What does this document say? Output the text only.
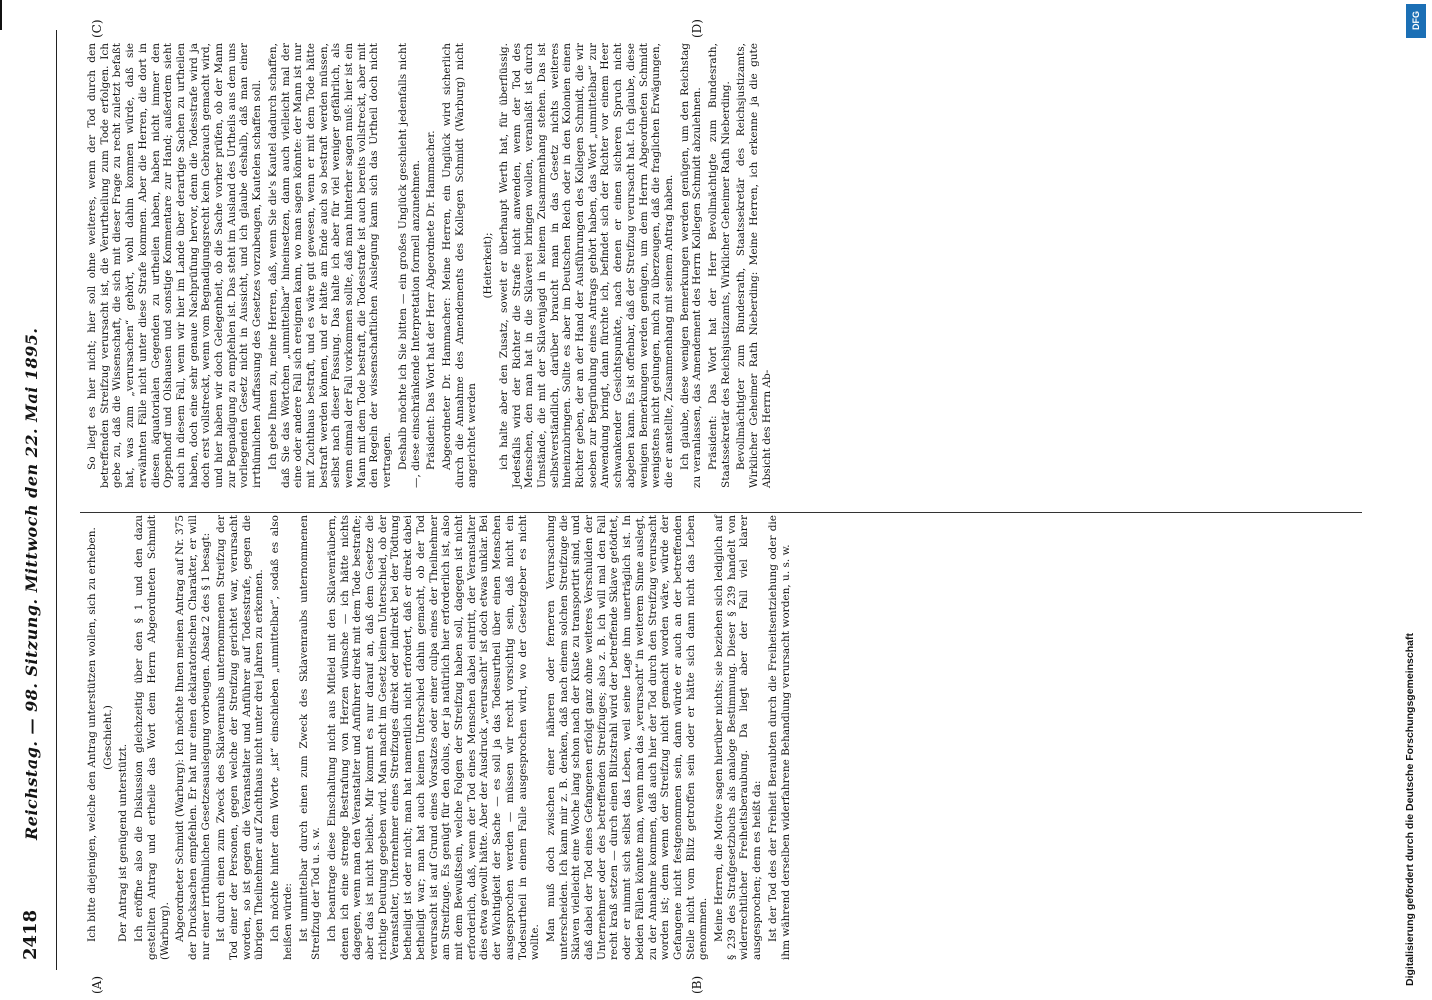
2418
Reichstag. — 98. Sitzung. Mittwoch den 22. Mai 1895.
(A)	(B)
(C)	(D)

Ich bitte diejenigen, welche den Antrag unterstützen wollen, sich zu erheben. (Geschieht.)

Der Antrag ist genügend unterstützt. Ich eröffne also die Diskussion gleichzeitig über den § 1 und den dazu gestellten Antrag und ertheile das Wort dem Herrn Abgeordneten Schmidt (Warburg). Abgeordneter Schmidt (Warburg): Ich möchte Ihnen meinen Antrag auf Nr. 375 der Drucksachen empfehlen. Er hat nur einen deklaratorischen Charakter, er will nur einer irrthümlichen Gesetzesauslegung vorbeugen. Absatz 2 des § 1 besagt: Ist durch einen zum Zweck des Sklavenraubs unternommenen Streifzug der Tod einer der Personen, gegen welche der Streifzug gerichtet war, verursacht worden, so ist gegen die Veranstalter und Anführer auf Todesstrafe, gegen die übrigen Theilnehmer auf Zuchthaus nicht unter drei Jahren zu erkennen. Ich möchte hinter dem Worte „ist“ einschieben „unmittelbar“, sodaß es also heißen würde: Ist unmittelbar durch einen zum Zweck des Sklavenraubs unternommenen Streifzug der Tod u. s. w. Ich beantrage diese Einschaltung nicht aus Mitleid mit den Sklavenräubern, denen ich eine strenge Bestrafung von Herzen wünsche — ich hätte nichts dagegen, wenn man den Veranstalter und Anführer direkt mit dem Tode bestrafte; aber das ist nicht beliebt. Mir kommt es nur darauf an, daß dem Gesetze die richtige Deutung gegeben wird. Man macht im Gesetz keinen Unterschied, ob der Veranstalter, Unternehmer eines Streifzuges direkt oder indirekt bei der Tödtung betheiligt ist oder nicht; man hat namentlich nicht erfordert, daß er direkt dabei betheiligt war; man hat auch keinen Unterschied dahin gemacht, ob der Tod verursacht ist auf Grund eines Vorsatzes oder einer culpa eines der Theilnehmer am Streifzuge. Es genügt für den dolus, der ja natürlich hier erforderlich ist, also mit dem Bewußtsein, welche Folgen der Streifzug haben soll, dagegen ist nicht erforderlich, daß, wenn der Tod eines Menschen dabei eintritt, der Veranstalter dies etwa gewollt hätte. Aber der Ausdruck „verursacht“ ist doch etwas unklar. Bei der Wichtigkeit der Sache — es soll ja das Todesurtheil über einen Menschen ausgesprochen werden — müssen wir recht vorsichtig sein, daß nicht ein Todesurtheil in einem Falle ausgesprochen wird, wo der Gesetzgeber es nicht wollte.

Man muß doch zwischen einer näheren oder ferneren Verursachung unterscheiden. Ich kann mir z. B. denken, daß nach einem solchen Streifzuge die Sklaven vielleicht eine Woche lang schon nach der Küste zu transportirt sind, und daß dabei der Tod eines Gefangenen erfolgt ganz ohne weiteres Verschulden der Unternehmer oder des betreffenden Streifzuges; also z. B. ich will mal den Fall recht kraß setzen — durch einen Blitzstrahl wird der betreffende Sklave getödtet, oder er nimmt sich selbst das Leben, weil seine Lage ihm unerträglich ist. In beiden Fällen könnte man, wenn man das „verursacht“ in weiterem Sinne auslegt, zu der Annahme kommen, daß auch hier der Tod durch den Streifzug verursacht worden ist; denn wenn der Streifzug nicht gemacht worden wäre, würde der Gefangene nicht festgenommen sein, dann würde er auch an der betreffenden Stelle nicht vom Blitz getroffen sein oder er hätte sich dann nicht das Leben genommen. Meine Herren, die Motive sagen hierüber nichts; sie beziehen sich lediglich auf § 239 des Strafgesetzbuchs als analoge Bestimmung. Dieser § 239 handelt von widerrechtlicher Freiheitsberaubung. Da liegt aber der Fall viel klarer ausgesprochen; denn es heißt da: Ist der Tod des der Freiheit Beraubten durch die Freiheitsentziehung oder die ihm während derselben widerfahrene Behandlung verursacht worden, u. s. w.

So liegt es hier nicht; hier soll ohne weiteres, wenn der Tod durch den betreffenden Streifzug verursacht ist, die Verurtheilung zum Tode erfolgen. Ich gebe zu, daß die Wissenschaft, die sich mit dieser Frage zu recht zuletzt befaßt hat, was zum „verursachen“ gehört, wohl dahin kommen würde, daß sie erwähnten Fälle nicht unter diese Strafe kommen. Aber die Herren, die dort in diesen äquatorialen Gegenden zu urtheilen haben, haben nicht immer den Oppenhoff und Olshausen und sonstige Kommentare zur Hand; außerdem sieht auch in diesem Fall, wenn wir hier im Lande über derartige Sachen zu urtheilen haben, doch eine sehr genaue Nachprüfung hervor, denn die Todesstrafe wird ja doch erst vollstreckt, wenn vom Begnadigungsrecht kein Gebrauch gemacht wird, und hier haben wir doch Gelegenheit, ob die Sache vorher prüfen, ob der Mann zur Begnadigung zu empfehlen ist. Das steht im Ausland des Urtheils aus dem uns vorliegenden Gesetz nicht in Aussicht, und ich glaube deshalb, daß man einer irrthümlichen Auffassung des Gesetzes vorzubeugen, Kautelen schaffen soll. Ich gebe Ihnen zu, meine Herren, daß, wenn Sie die's Kautel dadurch schaffen, daß Sie das Wörtchen „unmittelbar“ hineinsetzen, dann auch vielleicht mal der eine oder andere Fall sich ereignen kann, wo man sagen könnte: der Mann ist nur mit Zuchthaus bestraft, und es wäre gut gewesen, wenn er mit dem Tode hätte bestraft werden können, und er hätte am Ende auch so bestraft werden müssen, selbst nach dieser Fassung. Das halte ich aber für viel weniger gefährlich, als wenn einmal der Fall vorkommen sollte, daß man hinterher sagen muß: hier ist ein Mann mit dem Tode bestraft, die Todesstrafe ist auch bereits vollstreckt, aber mit den Regeln der wissenschaftlichen Auslegung kann sich das Urtheil doch nicht vertragen. Deshalb möchte ich Sie bitten — ein großes Unglück geschieht jedenfalls nicht —, diese einschränkende Interpretation formell anzunehmen. Präsident: Das Wort hat der Herr Abgeordnete Dr. Hammacher. Abgeordneter Dr. Hammacher: Meine Herren, ein Unglück wird sicherlich durch die Annahme des Amendements des Kollegen Schmidt (Warburg) nicht angerichtet werden

(Heiterkeit); ich halte aber den Zusatz, soweit er überhaupt Werth hat, für überflüssig. Jedesfalls wird der Richter die Strafe nicht anwenden, wenn der Tod des Menschen, den man hat in die Sklaverei bringen wollen, veranlaßt ist durch Umstände, die mit der Sklavenjagd in keinem Zusammenhang stehen. Das ist selbstverständlich, darüber braucht man in das Gesetz nichts weiteres hineinzubringen. Sollte es aber im Deutschen Reich oder in den Kolonien einen Richter geben, der an der Hand der Ausführungen des Kollegen Schmidt, die wir soeben zur Begründung eines Antrags gehört haben, das Wort „unmittelbar“ zur Anwendung bringt, dann fürchte ich, befindet sich der Richter vor einem Heer schwankender Gesichtspunkte, nach denen er einen sicheren Spruch nicht abgeben kann. Es ist offenbar, daß der Streifzug verursacht hat. Ich glaube, diese wenigen Bemerkungen werden genügen, um dem Herrn Abgeordneten Schmidt wenigstens nicht gelungen, mich zu überzeugen, daß die fraglichen Erwägungen, die er anstellte, Zusammenhang mit seinem Antrag haben. Ich glaube, diese wenigen Bemerkungen werden genügen, um den Reichstag zu veranlassen, das Amendement des Herrn Kollegen Schmidt abzulehnen. Präsident: Das Wort hat der Herr Bevollmächtigte zum Bundesrath, Staatssekretär des Reichsjustizamts, Wirklicher Geheimer Rath Nieberding. Bevollmächtigter zum Bundesrath, Staatssekretär des Reichsjustizamts, Wirklicher Geheimer Rath Nieberding: Meine Herren, ich erkenne ja die gute Absicht des Herrn Ab-

DFG
Digitalisierung gefördert durch die Deutsche Forschungsgemeinschaft
